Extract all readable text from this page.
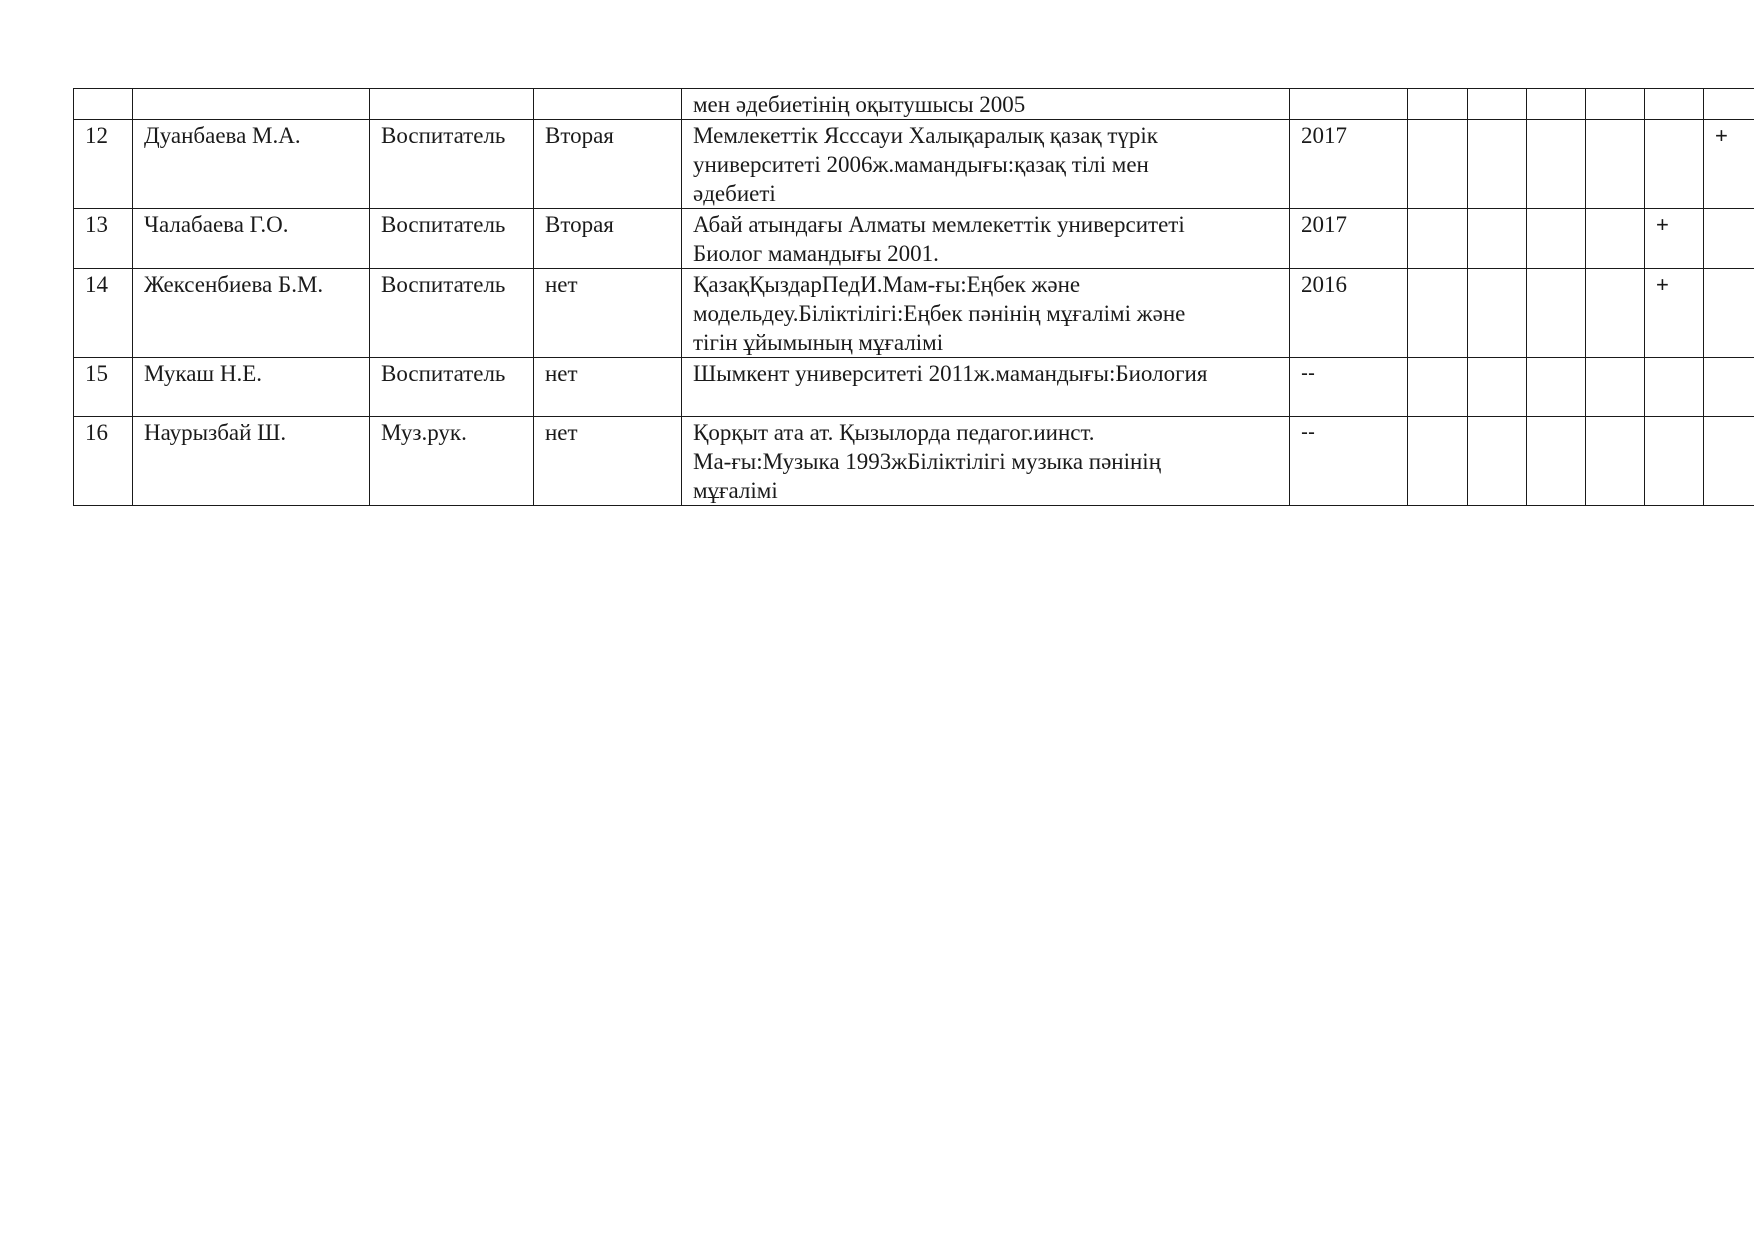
				мен әдебиетінің оқытушысы 2005							
12	Дуанбаева М.А.	Воспитатель	Вторая	Мемлекеттік Ясссауи Халықаралық қазақ түрік
университеті 2006ж.мамандығы:қазақ тілі мен
әдебиеті	2017						+
13	Чалабаева Г.О.	Воспитатель	Вторая	Абай атындағы Алматы мемлекеттік университеті
Биолог мамандығы 2001.	2017					+	
14	Жексенбиева Б.М.	Воспитатель	нет	ҚазақҚыздарПедИ.Мам-ғы:Еңбек және
модельдеу.Біліктілігі:Еңбек пәнінің мұғалімі және
тігін ұйымының мұғалімі	2016					+	
15	Мукаш Н.Е.	Воспитатель	нет	Шымкент университеті 2011ж.мамандығы:Биология	--						
16	Наурызбай Ш.	Муз.рук.	нет	Қорқыт ата ат. Қызылорда педагог.иинст.
Ма-ғы:Музыка 1993жБіліктілігі музыка пәнінің
мұғалімі	--						
